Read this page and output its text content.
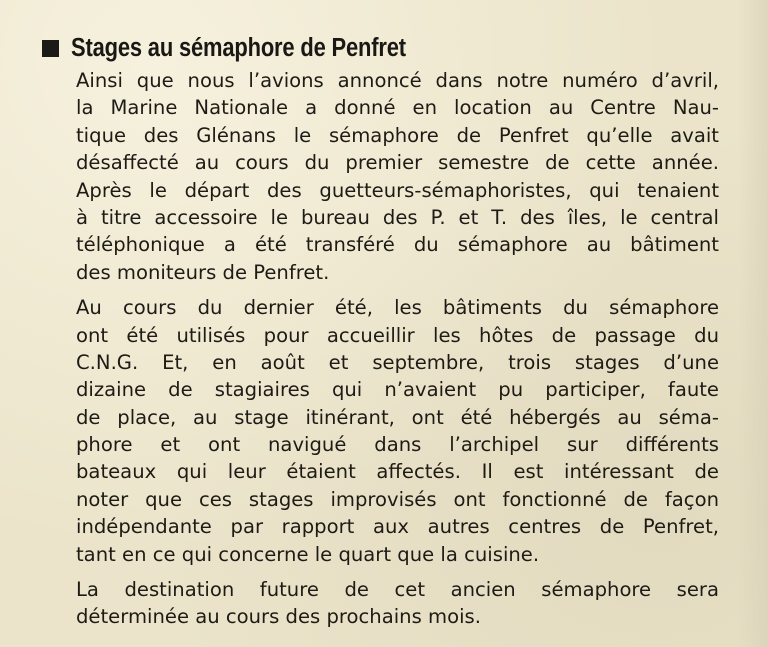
Stages au sémaphore de Penfret
Ainsi que nous l’avions annoncé dans notre numéro d’avril,
la Marine Nationale a donné en location au Centre Nau-
tique des Glénans le sémaphore de Penfret qu’elle avait
désaffecté au cours du premier semestre de cette année.
Après le départ des guetteurs-sémaphoristes, qui tenaient
à titre accessoire le bureau des P. et T. des îles, le central
téléphonique a été transféré du sémaphore au bâtiment
des moniteurs de Penfret.
Au cours du dernier été, les bâtiments du sémaphore
ont été utilisés pour accueillir les hôtes de passage du
C.N.G. Et, en août et septembre, trois stages d’une
dizaine de stagiaires qui n’avaient pu participer, faute
de place, au stage itinérant, ont été hébergés au séma-
phore et ont navigué dans l’archipel sur différents
bateaux qui leur étaient affectés. Il est intéressant de
noter que ces stages improvisés ont fonctionné de façon
indépendante par rapport aux autres centres de Penfret,
tant en ce qui concerne le quart que la cuisine.
La destination future de cet ancien sémaphore sera
déterminée au cours des prochains mois.
